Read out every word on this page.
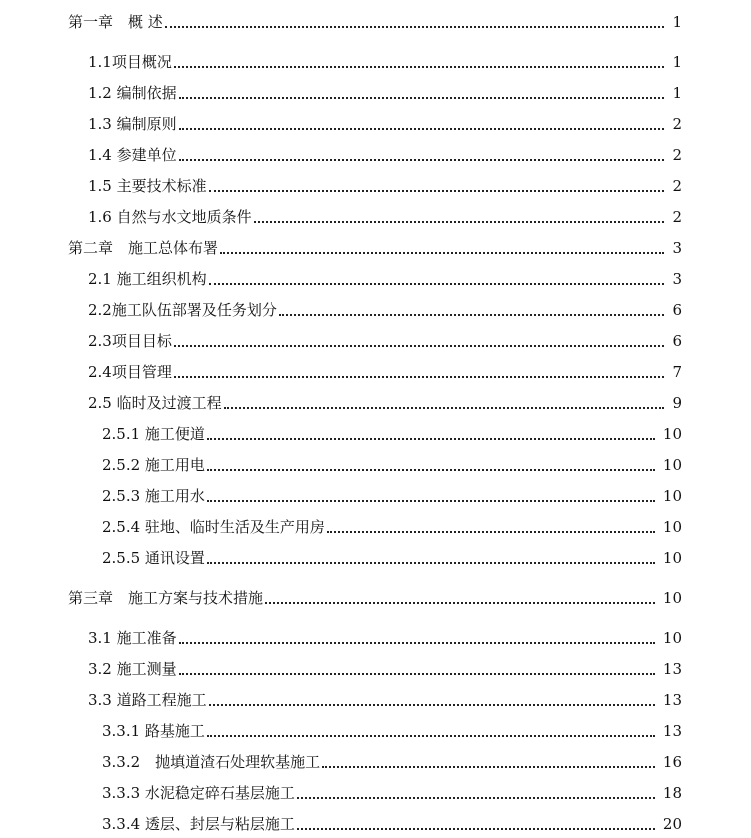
第一章　概 述	1
1.1项目概况	1
1.2 编制依据	1
1.3 编制原则	2
1.4 参建单位	2
1.5 主要技术标准	2
1.6 自然与水文地质条件	2
第二章　施工总体布署	3
2.1 施工组织机构	3
2.2施工队伍部署及任务划分	6
2.3项目目标	6
2.4项目管理	7
2.5 临时及过渡工程	9
2.5.1 施工便道	10
2.5.2 施工用电	10
2.5.3 施工用水	10
2.5.4 驻地、临时生活及生产用房	10
2.5.5 通讯设置	10
第三章　施工方案与技术措施	10
3.1 施工准备	10
3.2 施工测量	13
3.3 道路工程施工	13
3.3.1 路基施工	13
3.3.2　抛填道渣石处理软基施工	16
3.3.3 水泥稳定碎石基层施工	18
3.3.4 透层、封层与粘层施工	20
